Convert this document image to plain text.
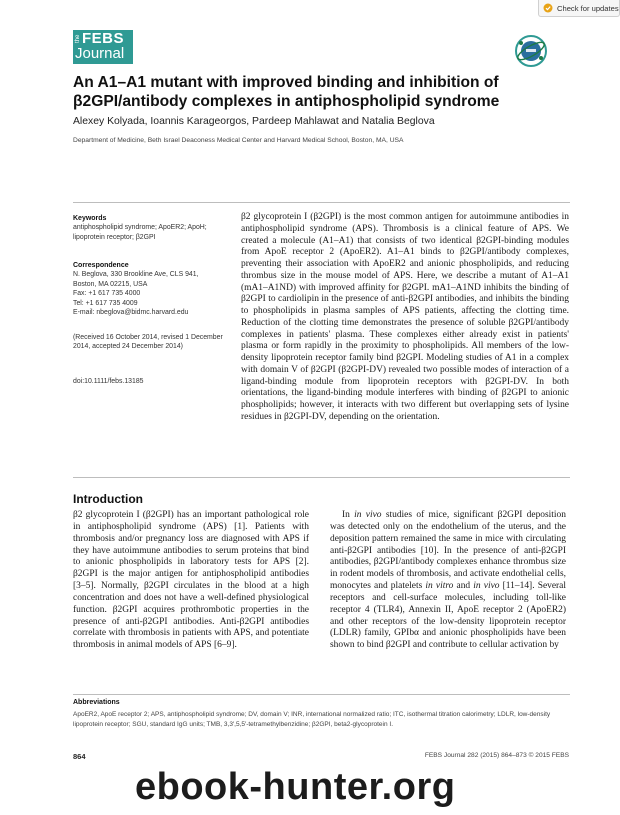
Check for updates
the FEBS
Journal
An A1–A1 mutant with improved binding and inhibition of
β2GPI/antibody complexes in antiphospholipid syndrome
Alexey Kolyada, Ioannis Karageorgos, Pardeep Mahlawat and Natalia Beglova
Department of Medicine, Beth Israel Deaconess Medical Center and Harvard Medical School, Boston, MA, USA
Keywords
antiphospholipid syndrome; ApoER2; ApoH; lipoprotein receptor; β2GPI
Correspondence
N. Beglova, 330 Brookline Ave, CLS 941,
Boston, MA 02215, USA
Fax: +1 617 735 4000
Tel: +1 617 735 4009
E-mail: nbeglova@bidmc.harvard.edu
(Received 16 October 2014, revised 1 December 2014, accepted 24 December 2014)
doi:10.1111/febs.13185
β2 glycoprotein I (β2GPI) is the most common antigen for autoimmune antibodies in antiphospholipid syndrome (APS). Thrombosis is a clinical feature of APS. We created a molecule (A1–A1) that consists of two identical β2GPI-binding modules from ApoE receptor 2 (ApoER2). A1–A1 binds to β2GPI/antibody complexes, preventing their association with ApoER2 and anionic phospholipids, and reducing thrombus size in the mouse model of APS. Here, we describe a mutant of A1–A1 (mA1–A1ND) with improved affinity for β2GPI. mA1–A1ND inhibits the binding of β2GPI to cardiolipin in the presence of anti-β2GPI antibodies, and inhibits the binding to phospholipids in plasma samples of APS patients, affecting the clotting time. Reduction of the clotting time demonstrates the presence of soluble β2GPI/antibody complexes in patients' plasma. These complexes either already exist in patients' plasma or form rapidly in the proximity to phospholipids. All members of the low-density lipoprotein receptor family bind β2GPI. Modeling studies of A1 in a complex with domain V of β2GPI (β2GPI-DV) revealed two possible modes of interaction of a ligand-binding module from lipoprotein receptors with β2GPI-DV. In both orientations, the ligand-binding module interferes with binding of β2GPI to anionic phospholipids; however, it interacts with two different but overlapping sets of lysine residues in β2GPI-DV, depending on the orientation.
Introduction
β2 glycoprotein I (β2GPI) has an important pathological role in antiphospholipid syndrome (APS) [1]. Patients with thrombosis and/or pregnancy loss are diagnosed with APS if they have autoimmune antibodies to serum proteins that bind to anionic phospholipids in laboratory tests for APS [2]. β2GPI is the major antigen for antiphospholipid antibodies [3–5]. Normally, β2GPI circulates in the blood at a high concentration and does not have a well-defined physiological function. β2GPI acquires prothrombotic properties in the presence of anti-β2GPI antibodies. Anti-β2GPI antibodies correlate with thrombosis in patients with APS, and potentiate thrombosis in animal models of APS [6–9].
In in vivo studies of mice, significant β2GPI deposition was detected only on the endothelium of the uterus, and the deposition pattern remained the same in mice with circulating anti-β2GPI antibodies [10]. In the presence of anti-β2GPI antibodies, β2GPI/antibody complexes enhance thrombus size in rodent models of thrombosis, and activate endothelial cells, monocytes and platelets in vitro and in vivo [11–14]. Several receptors and cell-surface molecules, including toll-like receptor 4 (TLR4), Annexin II, ApoE receptor 2 (ApoER2) and other receptors of the low-density lipoprotein receptor (LDLR) family, GPIbα and anionic phospholipids have been shown to bind β2GPI and contribute to cellular activation by
Abbreviations
ApoER2, ApoE receptor 2; APS, antiphospholipid syndrome; DV, domain V; INR, international normalized ratio; ITC, isothermal titration calorimetry; LDLR, low-density lipoprotein receptor; SGU, standard IgG units; TMB, 3,3′,5,5′-tetramethylbenzidine; β2GPI, beta2-glycoprotein I.
864	FEBS Journal 282 (2015) 864–873 © 2015 FEBS
ebook-hunter.org
